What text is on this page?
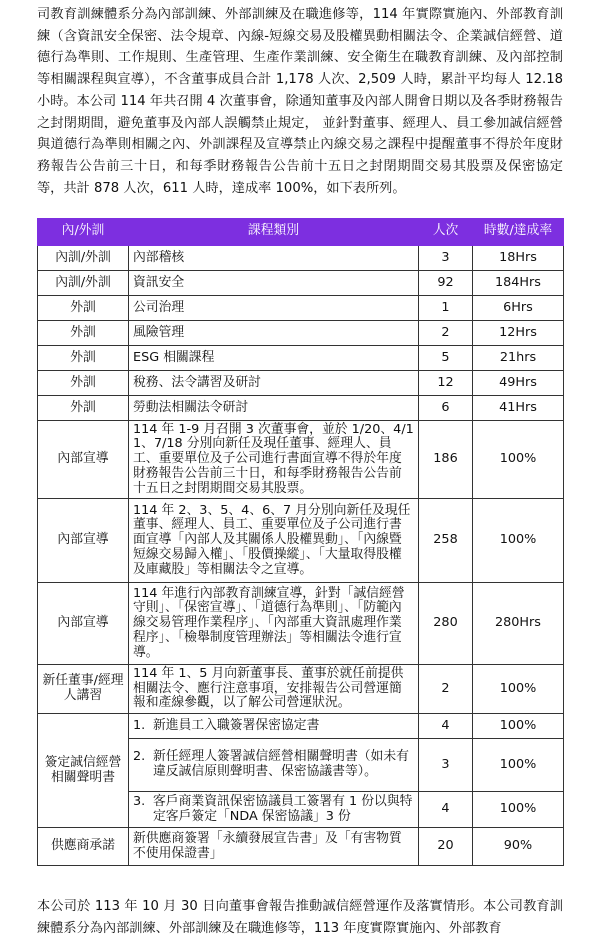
司教育訓練體系分為內部訓練、外部訓練及在職進修等，114 年實際實施內、外部教育訓練（含資訊安全保密、法令規章、內線-短線交易及股權異動相關法令、企業誠信經營、道德行為準則、工作規則、生產管理、生產作業訓練、安全衛生在職教育訓練、及內部控制等相關課程與宣導），不含董事成員合計 1,178 人次、2,509 人時，累計平均每人 12.18 小時。本公司 114 年共召開 4 次董事會，除通知董事及內部人開會日期以及各季財務報告之封閉期間，避免董事及內部人誤觸禁止規定， 並針對董事、經理人、員工參加誠信經營與道德行為準則相關之內、外訓課程及宣導禁止內線交易之課程中提醒董事不得於年度財務報告公告前三十日，和每季財務報告公告前十五日之封閉期間交易其股票及保密協定等，共計 878 人次，611 人時，達成率 100%，如下表所列。

內/外訓	課程類別	人次	時數/達成率
內訓/外訓	內部稽核	3	18Hrs
內訓/外訓	資訊安全	92	184Hrs
外訓	公司治理	1	6Hrs
外訓	風險管理	2	12Hrs
外訓	ESG 相關課程	5	21hrs
外訓	稅務、法令講習及研討	12	49Hrs
外訓	勞動法相關法令研討	6	41Hrs
內部宣導	114 年 1-9 月召開 3 次董事會，並於 1/20、4/11、7/18 分別向新任及現任董事、經理人、員工、重要單位及子公司進行書面宣導不得於年度財務報告公告前三十日，和每季財務報告公告前十五日之封閉期間交易其股票。	186	100%
內部宣導	114 年 2、3、5、4、6、7 月分別向新任及現任董事、經理人、員工、重要單位及子公司進行書面宣導「內部人及其關係人股權異動」、「內線暨短線交易歸入權」、「股價操縱」、「大量取得股權及庫藏股」等相關法令之宣導。	258	100%
內部宣導	114 年進行內部教育訓練宣導，針對「誠信經營守則」、「保密宣導」、「道德行為準則」、「防範內線交易管理作業程序」、「內部重大資訊處理作業程序」、「檢舉制度管理辦法」等相關法令進行宣導。	280	280Hrs
新任董事/經理人講習	114 年 1、5 月向新董事長、董事於就任前提供相關法令、應行注意事項，安排報告公司營運簡報和產線參觀，以了解公司營運狀況。	2	100%
簽定誠信經營相關聲明書	1. 新進員工入職簽署保密協定書	4	100%

	2. 新任經理人簽署誠信經營相關聲明書（如未有違反誠信原則聲明書、保密協議書等）。	3	100%

	3. 客戶商業資訊保密協議員工簽署有 1 份以與特定客戶簽定「NDA 保密協議」3 份	4	100%
供應商承諾	新供應商簽署「永續發展宣告書」及「有害物質不使用保證書」	20	90%

本公司於 113 年 10 月 30 日向董事會報告推動誠信經營運作及落實情形。本公司教育訓練體系分為內部訓練、外部訓練及在職進修等，113 年度實際實施內、外部教育
